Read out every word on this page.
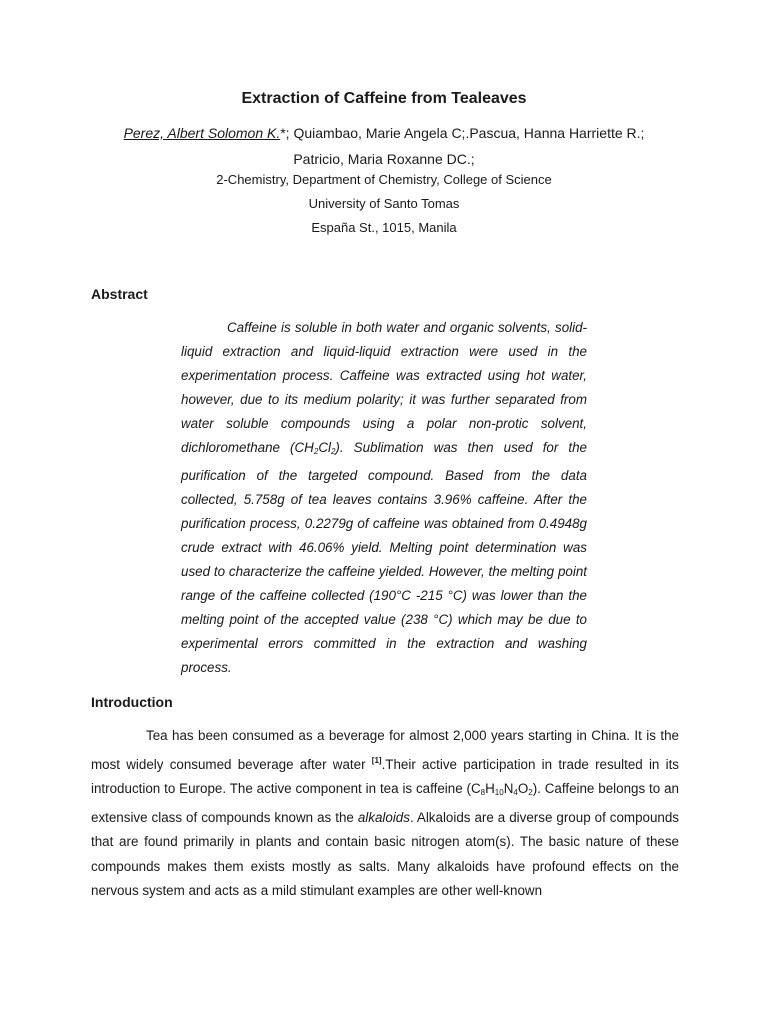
Extraction of Caffeine from Tealeaves
Perez, Albert Solomon K.*; Quiambao, Marie Angela C;.Pascua, Hanna Harriette R.;
Patricio, Maria Roxanne DC.;
2-Chemistry, Department of Chemistry, College of Science
University of Santo Tomas
España St., 1015, Manila
Abstract
Caffeine is soluble in both water and organic solvents, solid-liquid extraction and liquid-liquid extraction were used in the experimentation process. Caffeine was extracted using hot water, however, due to its medium polarity; it was further separated from water soluble compounds using a polar non-protic solvent, dichloromethane $(CH_2Cl_2)$. Sublimation was then used for the purification of the targeted compound. Based from the data collected, 5.758g of tea leaves contains 3.96% caffeine. After the purification process, 0.2279g of caffeine was obtained from 0.4948g crude extract with 46.06% yield. Melting point determination was used to characterize the caffeine yielded. However, the melting point range of the caffeine collected (190°C -215 °C) was lower than the melting point of the accepted value (238 °C) which may be due to experimental errors committed in the extraction and washing process.
Introduction
Tea has been consumed as a beverage for almost 2,000 years starting in China. It is the most widely consumed beverage after water [1].Their active participation in trade resulted in its introduction to Europe. The active component in tea is caffeine $(C_8H_{10}N_4O_2)$. Caffeine belongs to an extensive class of compounds known as the alkaloids. Alkaloids are a diverse group of compounds that are found primarily in plants and contain basic nitrogen atom(s). The basic nature of these compounds makes them exists mostly as salts. Many alkaloids have profound effects on the nervous system and acts as a mild stimulant examples are other well-known
